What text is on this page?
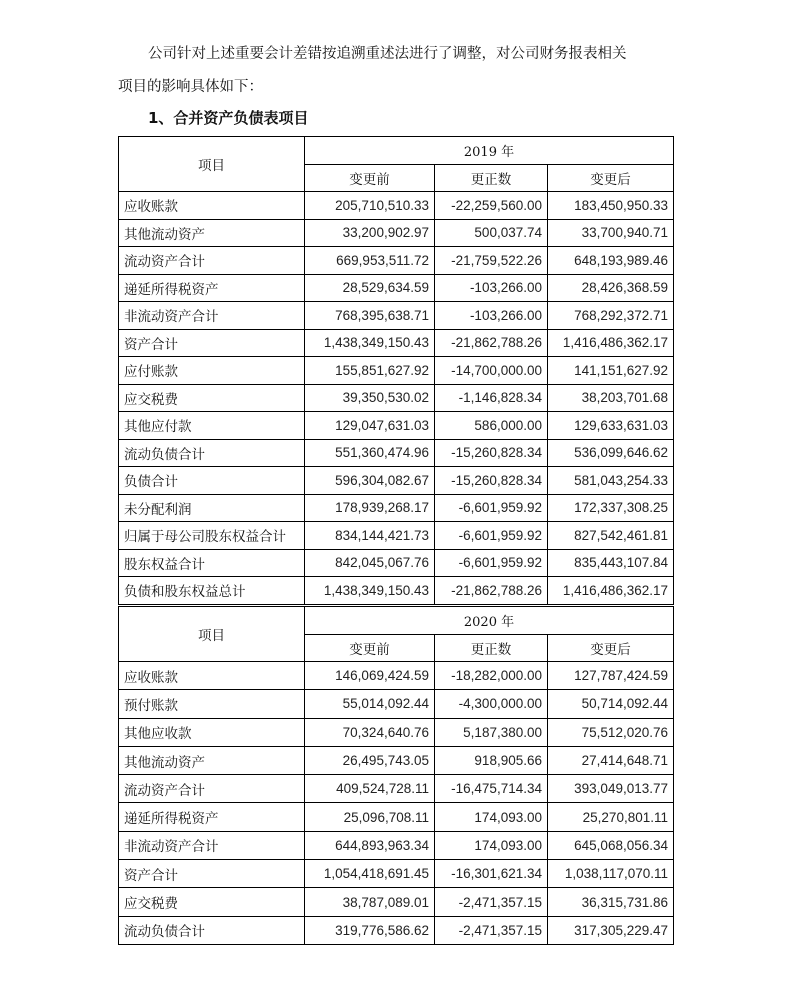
公司针对上述重要会计差错按追溯重述法进行了调整，对公司财务报表相关
项目的影响具体如下：
1、合并资产负债表项目
项目	2019 年		
	变更前	更正数	变更后
应收账款	205,710,510.33	-22,259,560.00	183,450,950.33
其他流动资产	33,200,902.97	500,037.74	33,700,940.71
流动资产合计	669,953,511.72	-21,759,522.26	648,193,989.46
递延所得税资产	28,529,634.59	-103,266.00	28,426,368.59
非流动资产合计	768,395,638.71	-103,266.00	768,292,372.71
资产合计	1,438,349,150.43	-21,862,788.26	1,416,486,362.17
应付账款	155,851,627.92	-14,700,000.00	141,151,627.92
应交税费	39,350,530.02	-1,146,828.34	38,203,701.68
其他应付款	129,047,631.03	586,000.00	129,633,631.03
流动负债合计	551,360,474.96	-15,260,828.34	536,099,646.62
负债合计	596,304,082.67	-15,260,828.34	581,043,254.33
未分配利润	178,939,268.17	-6,601,959.92	172,337,308.25
归属于母公司股东权益合计	834,144,421.73	-6,601,959.92	827,542,461.81
股东权益合计	842,045,067.76	-6,601,959.92	835,443,107.84
负债和股东权益总计	1,438,349,150.43	-21,862,788.26	1,416,486,362.17
项目	2020 年		
	变更前	更正数	变更后
应收账款	146,069,424.59	-18,282,000.00	127,787,424.59
预付账款	55,014,092.44	-4,300,000.00	50,714,092.44
其他应收款	70,324,640.76	5,187,380.00	75,512,020.76
其他流动资产	26,495,743.05	918,905.66	27,414,648.71
流动资产合计	409,524,728.11	-16,475,714.34	393,049,013.77
递延所得税资产	25,096,708.11	174,093.00	25,270,801.11
非流动资产合计	644,893,963.34	174,093.00	645,068,056.34
资产合计	1,054,418,691.45	-16,301,621.34	1,038,117,070.11
应交税费	38,787,089.01	-2,471,357.15	36,315,731.86
流动负债合计	319,776,586.62	-2,471,357.15	317,305,229.47
